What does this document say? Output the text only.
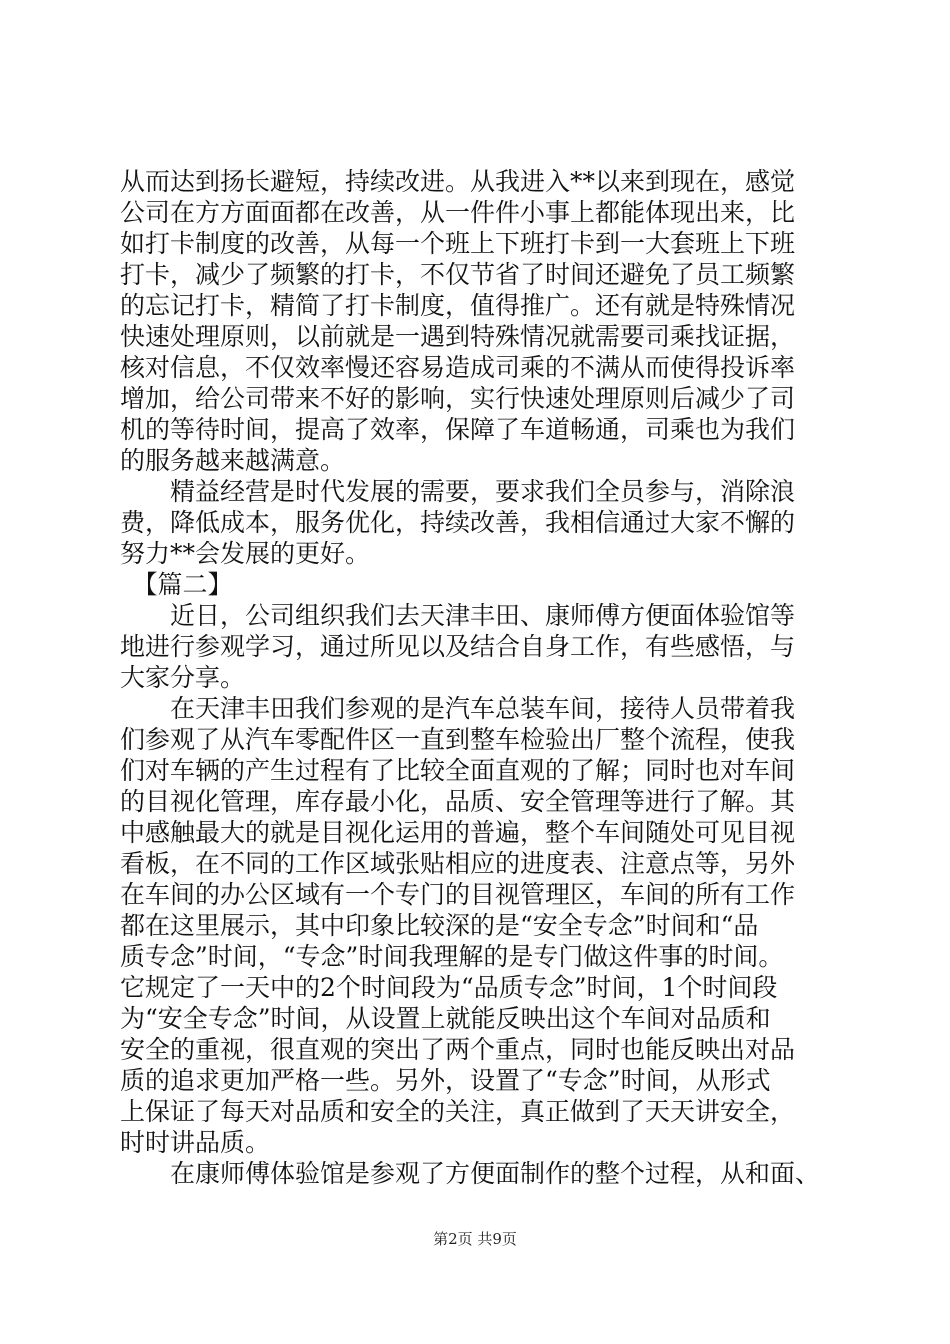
从而达到扬长避短，持续改进。从我进入**以来到现在，感觉
公司在方方面面都在改善，从一件件小事上都能体现出来，比
如打卡制度的改善，从每一个班上下班打卡到一大套班上下班
打卡，减少了频繁的打卡，不仅节省了时间还避免了员工频繁
的忘记打卡，精简了打卡制度，值得推广。还有就是特殊情况
快速处理原则，以前就是一遇到特殊情况就需要司乘找证据，
核对信息，不仅效率慢还容易造成司乘的不满从而使得投诉率
增加，给公司带来不好的影响，实行快速处理原则后减少了司
机的等待时间，提高了效率，保障了车道畅通，司乘也为我们
的服务越来越满意。
　　精益经营是时代发展的需要，要求我们全员参与，消除浪
费，降低成本，服务优化，持续改善，我相信通过大家不懈的
努力**会发展的更好。
　【篇二】
　　近日，公司组织我们去天津丰田、康师傅方便面体验馆等
地进行参观学习，通过所见以及结合自身工作，有些感悟，与
大家分享。
　　在天津丰田我们参观的是汽车总装车间，接待人员带着我
们参观了从汽车零配件区一直到整车检验出厂整个流程，使我
们对车辆的产生过程有了比较全面直观的了解；同时也对车间
的目视化管理，库存最小化，品质、安全管理等进行了解。其
中感触最大的就是目视化运用的普遍，整个车间随处可见目视
看板，在不同的工作区域张贴相应的进度表、注意点等，另外
在车间的办公区域有一个专门的目视管理区，车间的所有工作
都在这里展示，其中印象比较深的是“安全专念”时间和“品
质专念”时间，“专念”时间我理解的是专门做这件事的时间。
它规定了一天中的2个时间段为“品质专念”时间，1个时间段
为“安全专念”时间，从设置上就能反映出这个车间对品质和
安全的重视，很直观的突出了两个重点，同时也能反映出对品
质的追求更加严格一些。另外，设置了“专念”时间，从形式
上保证了每天对品质和安全的关注，真正做到了天天讲安全，
时时讲品质。
　　在康师傅体验馆是参观了方便面制作的整个过程，从和面、
第2页 共9页
